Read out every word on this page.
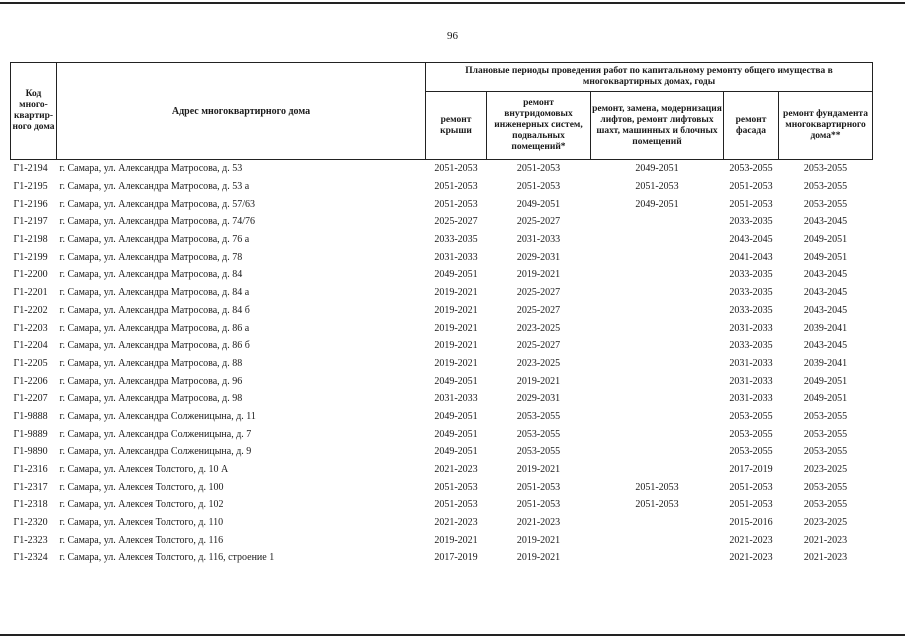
96
Код много-квартир-ного дома	Адрес многоквартирного дома	Плановые периоды проведения работ по капитальному ремонту общего имущества в многоквартирных домах, годы				
		ремонт крыши	ремонт внутридомовых инженерных систем, подвальных помещений*	ремонт, замена, модернизация лифтов, ремонт лифтовых шахт, машинных и блочных помещений	ремонт фасада	ремонт фундамента многоквартирного дома**
Г1-2194	г. Самара, ул. Александра Матросова, д. 53	2051-2053	2051-2053	2049-2051	2053-2055	2053-2055
Г1-2195	г. Самара, ул. Александра Матросова, д. 53 а	2051-2053	2051-2053	2051-2053	2051-2053	2053-2055
Г1-2196	г. Самара, ул. Александра Матросова, д. 57/63	2051-2053	2049-2051	2049-2051	2051-2053	2053-2055
Г1-2197	г. Самара, ул. Александра Матросова, д. 74/76	2025-2027	2025-2027		2033-2035	2043-2045
Г1-2198	г. Самара, ул. Александра Матросова, д. 76 а	2033-2035	2031-2033		2043-2045	2049-2051
Г1-2199	г. Самара, ул. Александра Матросова, д. 78	2031-2033	2029-2031		2041-2043	2049-2051
Г1-2200	г. Самара, ул. Александра Матросова, д. 84	2049-2051	2019-2021		2033-2035	2043-2045
Г1-2201	г. Самара, ул. Александра Матросова, д. 84 а	2019-2021	2025-2027		2033-2035	2043-2045
Г1-2202	г. Самара, ул. Александра Матросова, д. 84 б	2019-2021	2025-2027		2033-2035	2043-2045
Г1-2203	г. Самара, ул. Александра Матросова, д. 86 а	2019-2021	2023-2025		2031-2033	2039-2041
Г1-2204	г. Самара, ул. Александра Матросова, д. 86 б	2019-2021	2025-2027		2033-2035	2043-2045
Г1-2205	г. Самара, ул. Александра Матросова, д. 88	2019-2021	2023-2025		2031-2033	2039-2041
Г1-2206	г. Самара, ул. Александра Матросова, д. 96	2049-2051	2019-2021		2031-2033	2049-2051
Г1-2207	г. Самара, ул. Александра Матросова, д. 98	2031-2033	2029-2031		2031-2033	2049-2051
Г1-9888	г. Самара, ул. Александра Солженицына, д. 11	2049-2051	2053-2055		2053-2055	2053-2055
Г1-9889	г. Самара, ул. Александра Солженицына, д. 7	2049-2051	2053-2055		2053-2055	2053-2055
Г1-9890	г. Самара, ул. Александра Солженицына, д. 9	2049-2051	2053-2055		2053-2055	2053-2055
Г1-2316	г. Самара, ул. Алексея Толстого, д. 10 А	2021-2023	2019-2021		2017-2019	2023-2025
Г1-2317	г. Самара, ул. Алексея Толстого, д. 100	2051-2053	2051-2053	2051-2053	2051-2053	2053-2055
Г1-2318	г. Самара, ул. Алексея Толстого, д. 102	2051-2053	2051-2053	2051-2053	2051-2053	2053-2055
Г1-2320	г. Самара, ул. Алексея Толстого, д. 110	2021-2023	2021-2023		2015-2016	2023-2025
Г1-2323	г. Самара, ул. Алексея Толстого, д. 116	2019-2021	2019-2021		2021-2023	2021-2023
Г1-2324	г. Самара, ул. Алексея Толстого, д. 116, строение 1	2017-2019	2019-2021		2021-2023	2021-2023
